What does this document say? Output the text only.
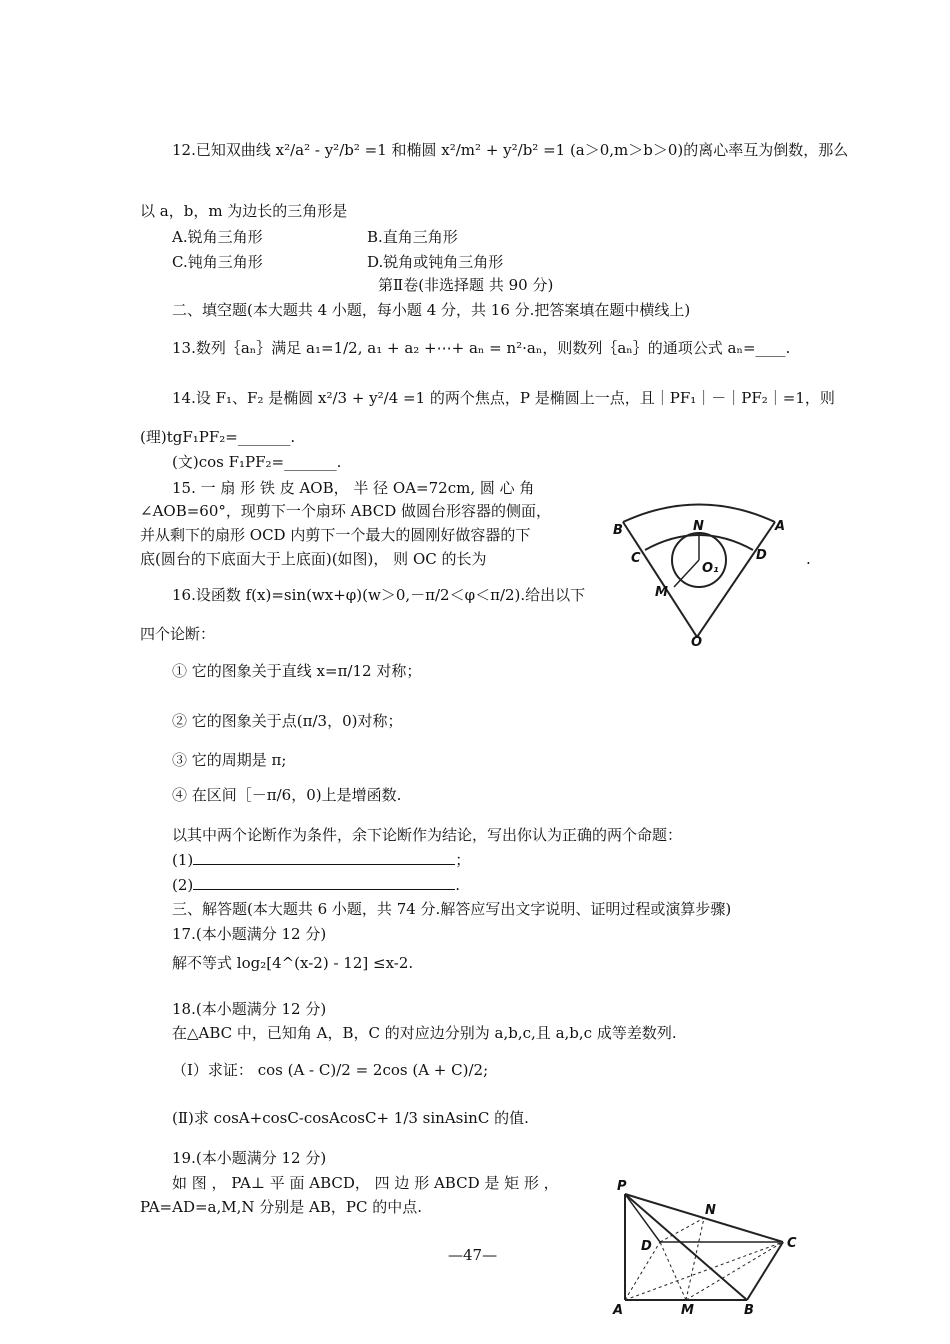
12.已知双曲线 x²/a² - y²/b² =1 和椭圆 x²/m² + y²/b² =1 (a＞0,m＞b＞0)的离心率互为倒数，那么
以 a，b，m 为边长的三角形是
A.锐角三角形	B.直角三角形
C.钝角三角形	D.锐角或钝角三角形
第Ⅱ卷(非选择题 共 90 分)
二、填空题(本大题共 4 小题，每小题 4 分，共 16 分.把答案填在题中横线上)
13.数列｛aₙ｝满足 a₁=1/2, a₁ + a₂ +⋯+ aₙ = n²·aₙ，则数列｛aₙ｝的通项公式 aₙ=____.
14.设 F₁、F₂ 是椭圆 x²/3 + y²/4 =1 的两个焦点，P 是椭圆上一点，且｜PF₁｜－｜PF₂｜=1，则
(理)tgF₁PF₂=_______.
(文)cos F₁PF₂=_______.
15. 一 扇 形 铁 皮 AOB， 半 径 OA=72cm, 圆 心 角
∠AOB=60°，现剪下一个扇环 ABCD 做圆台形容器的侧面，
并从剩下的扇形 OCD 内剪下一个最大的圆刚好做容器的下
底(圆台的下底面大于上底面)(如图)， 则 OC 的长为	.
B	A
C	D
N
O₁
M
O
16.设函数 f(x)=sin(wx+φ)(w＞0,－π/2＜φ＜π/2).给出以下
四个论断：
① 它的图象关于直线 x=π/12 对称；
② 它的图象关于点(π/3，0)对称；
③ 它的周期是 π;
④ 在区间［－π/6，0)上是增函数.
以其中两个论断作为条件，余下论断作为结论，写出你认为正确的两个命题：
(1)	；
(2)	.
三、解答题(本大题共 6 小题，共 74 分.解答应写出文字说明、证明过程或演算步骤)
17.(本小题满分 12 分)
解不等式 log₂[4^(x-2) - 12] ≤x-2.
18.(本小题满分 12 分)
在△ABC 中，已知角 A，B，C 的对应边分别为 a,b,c,且 a,b,c 成等差数列.
（Ⅰ）求证： cos (A - C)/2 = 2cos (A + C)/2;
(Ⅱ)求 cosA+cosC-cosAcosC+ 1/3 sinAsinC 的值.
19.(本小题满分 12 分)
如 图 ， PA⊥ 平 面 ABCD， 四 边 形 ABCD 是 矩 形 ，
PA=AD=a,M,N 分别是 AB，PC 的中点.
—47—
P
N
D	C
A	M	B
